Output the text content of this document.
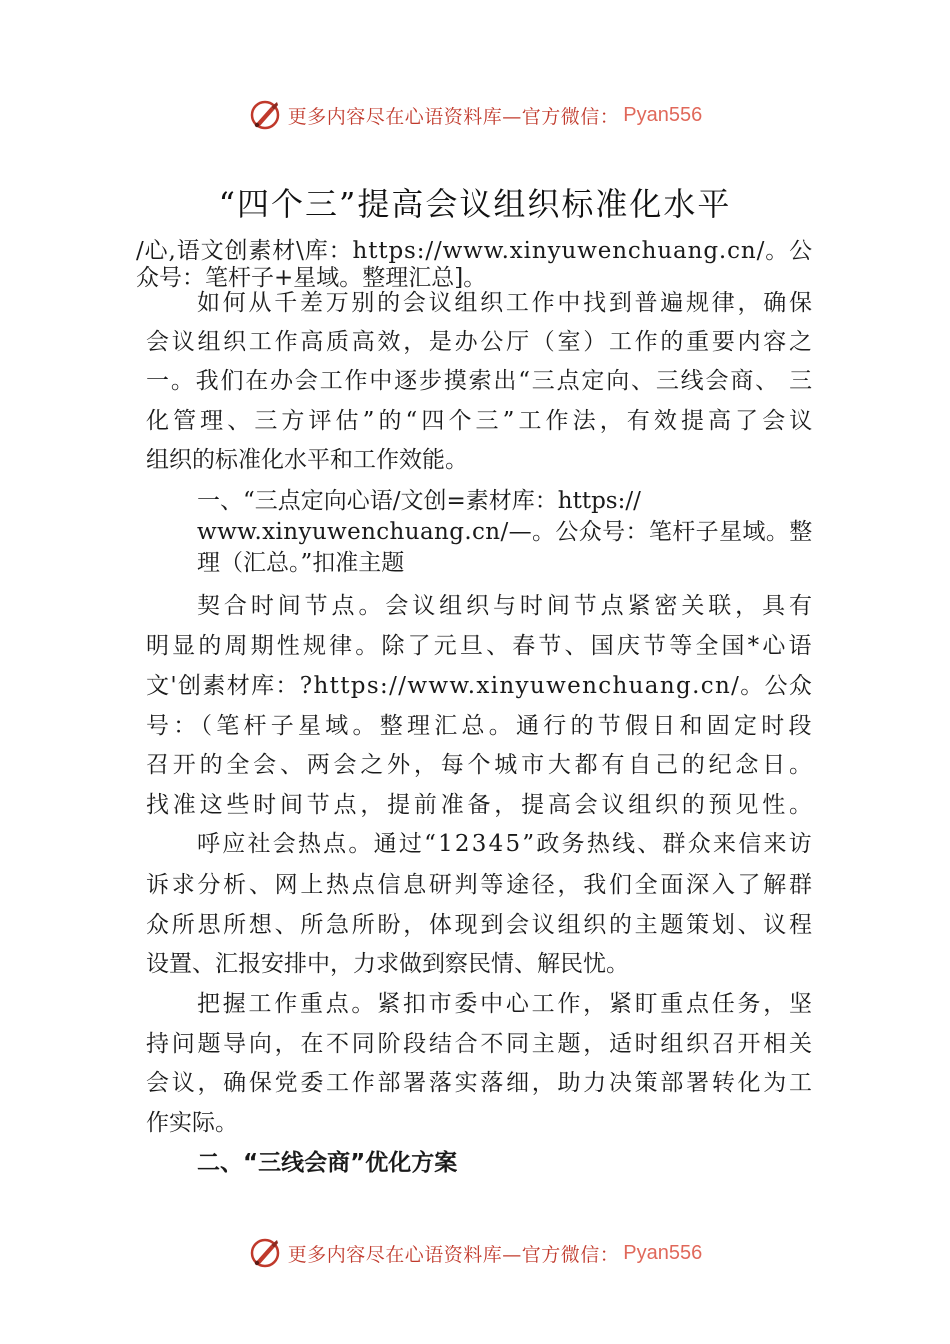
更多内容尽在心语资料库—官方微信： Pyan556
“四个三”提高会议组织标准化水平
/心,语文创素材\库：https://www.xinyuwenchuang.cn/。公
众号：笔杆子+星域。整理汇总]。
如何从千差万别的会议组织工作中找到普遍规律，确保
会议组织工作高质高效，是办公厅（室）工作的重要内容之
一。我们在办会工作中逐步摸索出“三点定向、三线会商、 三
化管理、三方评估”的“四个三”工作法，有效提高了会议
组织的标准化水平和工作效能。
一、“三点定向心语/文创=素材库：https://
www.xinyuwenchuang.cn/—。公众号：笔杆子星域。整
理（汇总。”扣准主题
契合时间节点。会议组织与时间节点紧密关联，具有
明显的周期性规律。除了元旦、春节、国庆节等全国*心语
文'创素材库：?https://www.xinyuwenchuang.cn/。公众
号：（笔杆子星域。整理汇总。通行的节假日和固定时段
召开的全会、两会之外，每个城市大都有自己的纪念日。
找准这些时间节点，提前准备，提高会议组织的预见性。
呼应社会热点。通过“12345”政务热线、群众来信来访
诉求分析、网上热点信息研判等途径，我们全面深入了解群
众所思所想、所急所盼，体现到会议组织的主题策划、议程
设置、汇报安排中，力求做到察民情、解民忧。
把握工作重点。紧扣市委中心工作，紧盯重点任务，坚
持问题导向，在不同阶段结合不同主题，适时组织召开相关
会议，确保党委工作部署落实落细，助力决策部署转化为工
作实际。
二、“三线会商”优化方案
更多内容尽在心语资料库—官方微信： Pyan556
